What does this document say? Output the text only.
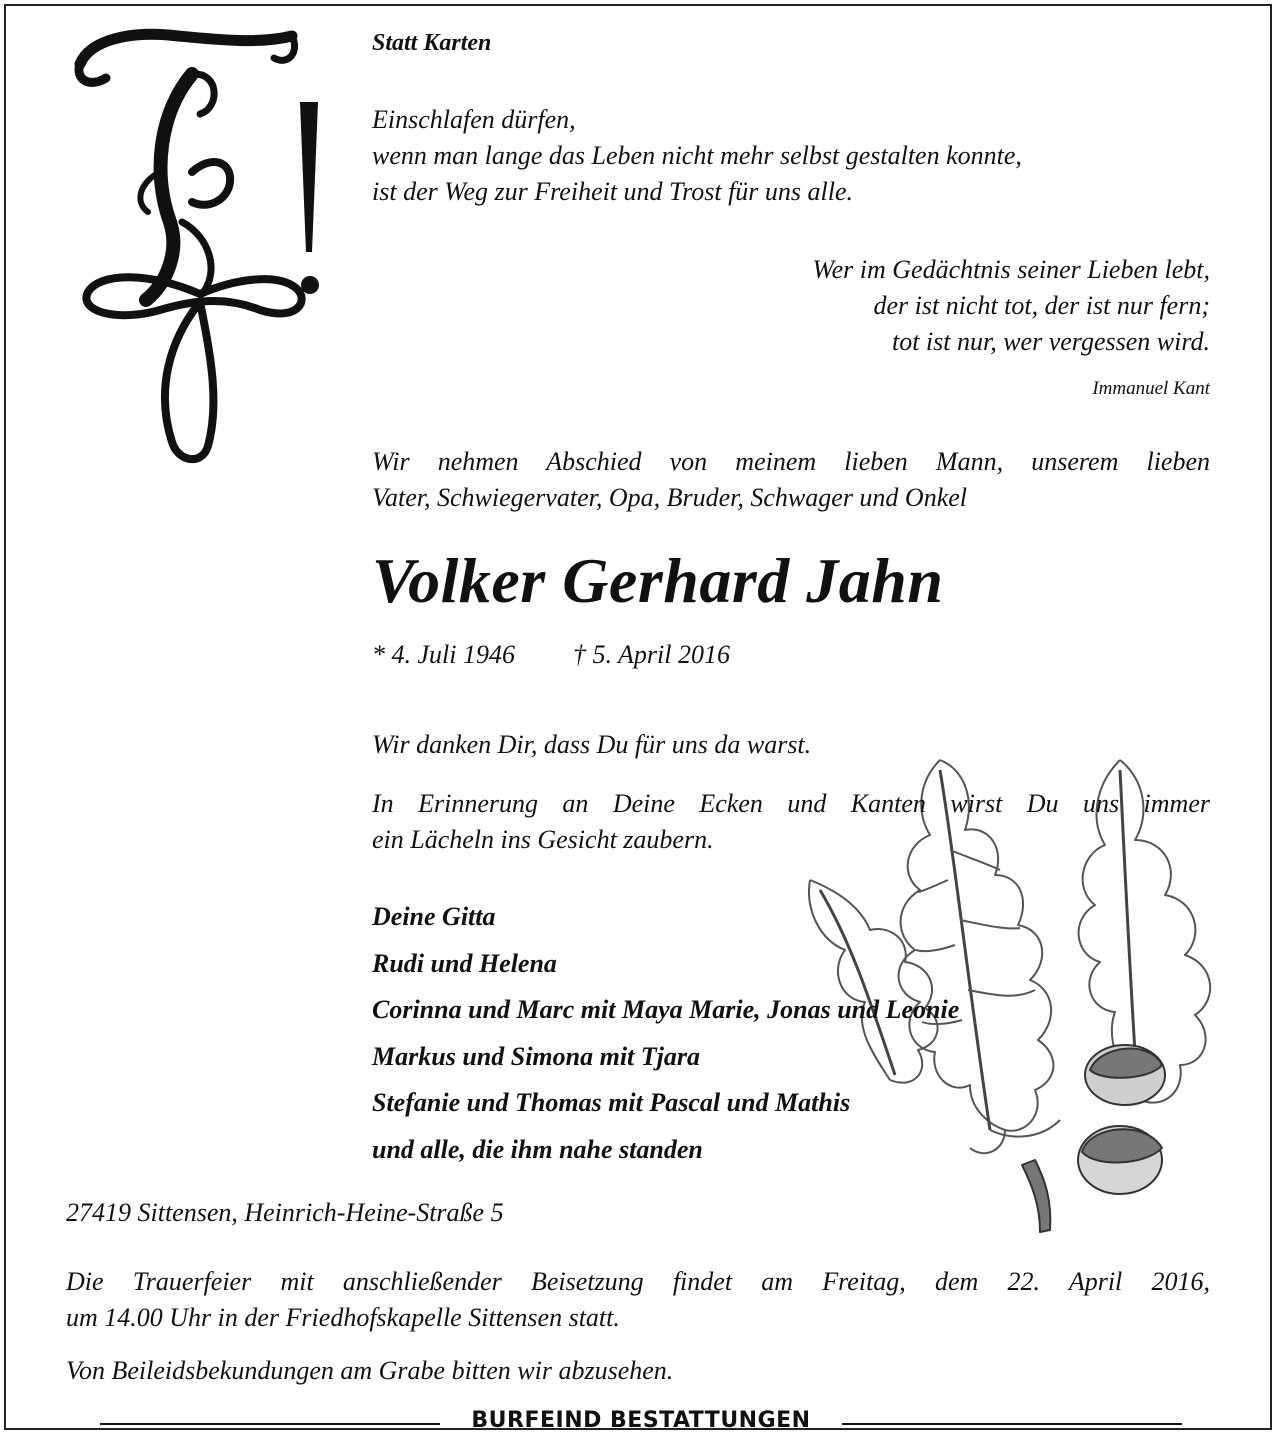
Statt Karten
Einschlafen dürfen,
wenn man lange das Leben nicht mehr selbst gestalten konnte,
ist der Weg zur Freiheit und Trost für uns alle.
Wer im Gedächtnis seiner Lieben lebt,
der ist nicht tot, der ist nur fern;
tot ist nur, wer vergessen wird.
Immanuel Kant
Wir nehmen Abschied von meinem lieben Mann, unserem lieben
Vater, Schwiegervater, Opa, Bruder, Schwager und Onkel
Volker Gerhard Jahn
* 4. Juli 1946 † 5. April 2016
Wir danken Dir, dass Du für uns da warst.
In Erinnerung an Deine Ecken und Kanten wirst Du uns immer
ein Lächeln ins Gesicht zaubern.
Deine Gitta
Rudi und Helena
Corinna und Marc mit Maya Marie, Jonas und Leonie
Markus und Simona mit Tjara
Stefanie und Thomas mit Pascal und Mathis
und alle, die ihm nahe standen
27419 Sittensen, Heinrich-Heine-Straße 5
Die Trauerfeier mit anschließender Beisetzung findet am Freitag, dem 22. April 2016,
um 14.00 Uhr in der Friedhofskapelle Sittensen statt.
Von Beileidsbekundungen am Grabe bitten wir abzusehen.
BURFEIND BESTATTUNGEN
